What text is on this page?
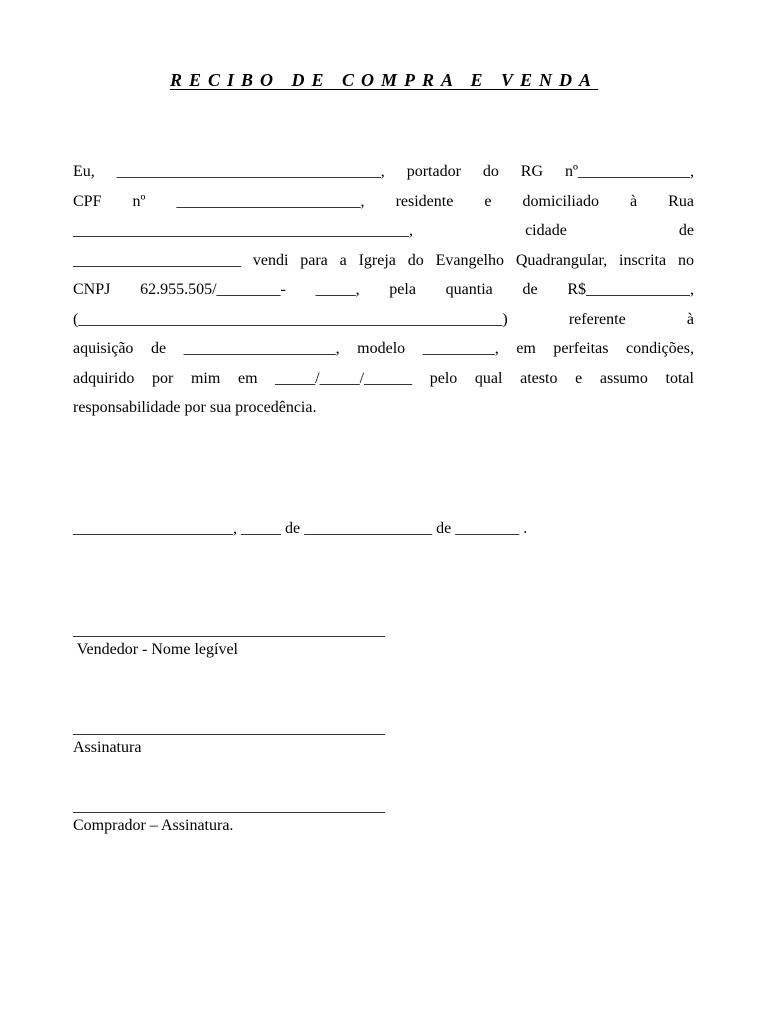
RECIBO DE COMPRA E VENDA
Eu, _________________________________, portador do RG nº______________,
CPF nº _______________________, residente e domiciliado à Rua
__________________________________________,	cidade	de
_____________________ vendi para a Igreja do Evangelho Quadrangular, inscrita no
CNPJ 62.955.505/________- _____, pela quantia de R$_____________,
(_____________________________________________________)	referente	à
aquisição de ___________________, modelo _________, em perfeitas condições,
adquirido por mim em _____/_____/______ pelo qual atesto e assumo total
responsabilidade por sua procedência.
____________________, _____ de ________________ de ________ .
_______________________________________
Vendedor - Nome legível
_______________________________________
Assinatura
_______________________________________
Comprador – Assinatura.
